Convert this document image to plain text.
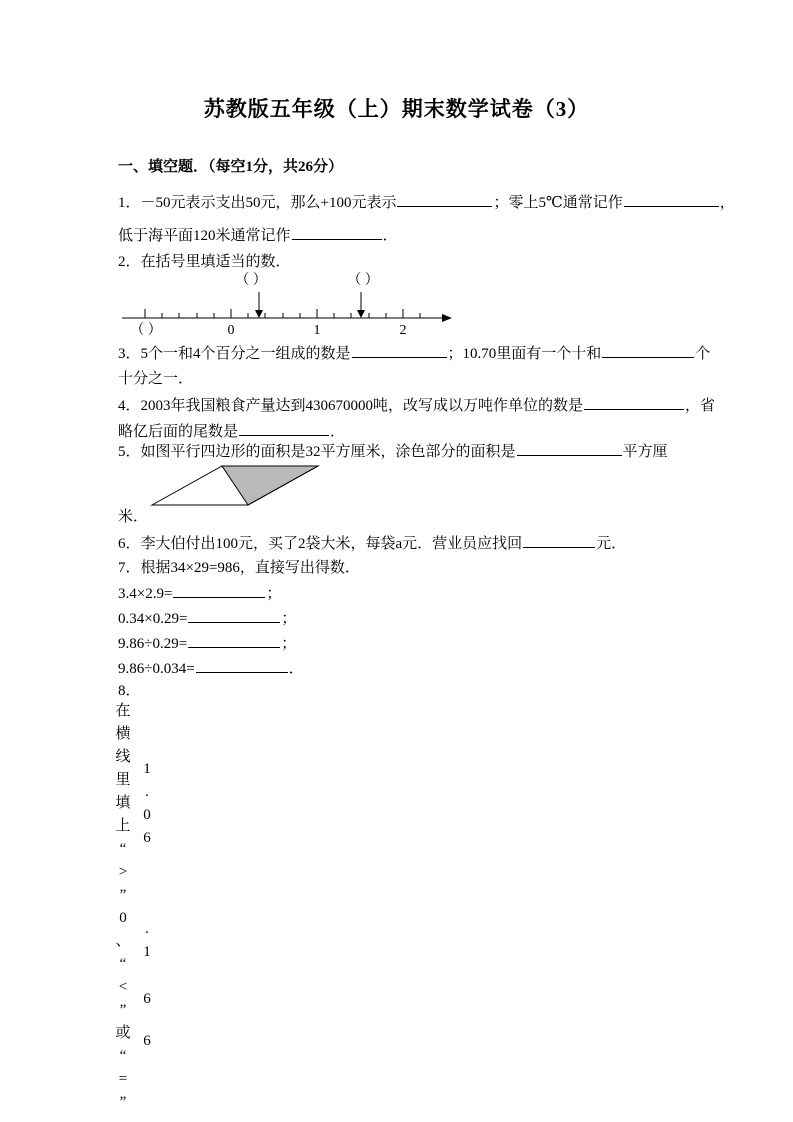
苏教版五年级（上）期末数学试卷（3）

一、填空题．（每空1分，共26分）

1．－50元表示支出50元，那么+100元表示	；零上5℃通常记作	，

低于海平面120米通常记作	．

2．在括号里填适当的数．

（ ）	（ ）
（ ）	0	1	2

3．5个一和4个百分之一组成的数是	；10.70里面有一个十和	个

十分之一．

4．2003年我国粮食产量达到430670000吨，改写成以万吨作单位的数是	，省

略亿后面的尾数是	．

5．如图平行四边形的面积是32平方厘米，涂色部分的面积是	平方厘

米．

6．李大伯付出100元，买了2袋大米，每袋a元．营业员应找回	元．

7．根据34×29=986，直接写出得数．

3.4×2.9=	；

0.34×0.29=	；

9.86÷0.29=	；

9.86÷0.034=	．

8．

在
横
线
里
填
上
“
>
”
0
、
“
<
”
或
“
=
”
1
.
0
6
.
1
6
6
